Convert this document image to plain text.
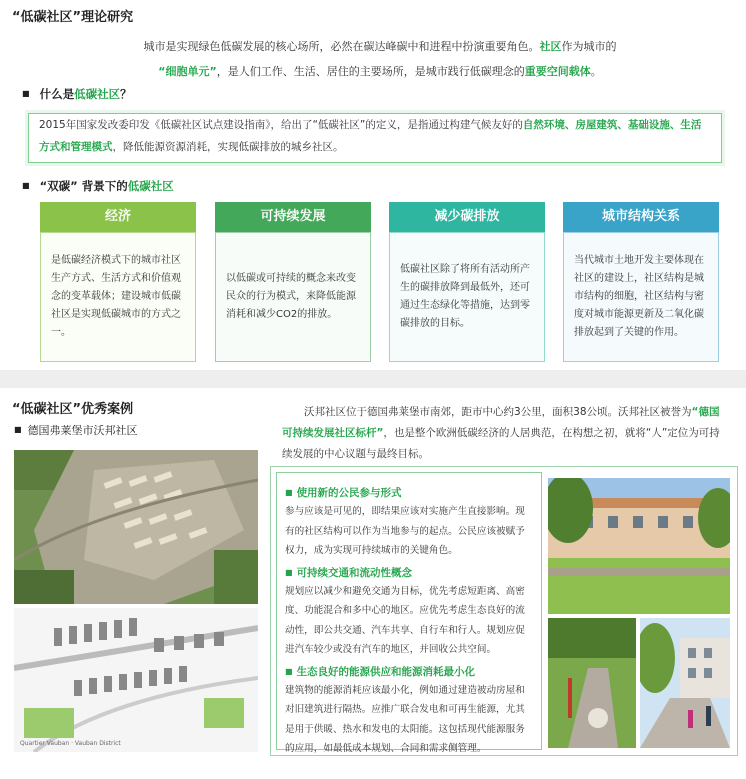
“低碳社区”理论研究
城市是实现绿色低碳发展的核心场所，必然在碳达峰碳中和进程中扮演重要角色。社区作为城市的
“细胞单元”，是人们工作、生活、居住的主要场所，是城市践行低碳理念的重要空间载体。
■ 什么是低碳社区？
2015年国家发改委印发《低碳社区试点建设指南》，给出了“低碳社区”的定义，是指通过构建气候友好的自然环境、房屋建筑、基础设施、生活方式和管理模式，降低能源资源消耗，实现低碳排放的城乡社区。
■ “双碳” 背景下的低碳社区
经济
是低碳经济模式下的城市社区生产方式、生活方式和价值观念的变革载体；建设城市低碳社区是实现低碳城市的方式之一。
可持续发展
以低碳或可持续的概念来改变民众的行为模式，来降低能源消耗和减少CO2的排放。
减少碳排放
低碳社区除了将所有活动所产生的碳排放降到最低外，还可通过生态绿化等措施，达到零碳排放的目标。
城市结构关系
当代城市土地开发主要体现在社区的建设上，社区结构是城市结构的细胞，社区结构与密度对城市能源更新及二氧化碳排放起到了关键的作用。
“低碳社区”优秀案例
■ 德国弗莱堡市沃邦社区
沃邦社区位于德国弗莱堡市南郊，距市中心约3公里，面积38公顷。沃邦社区被誉为“德国可持续发展社区标杆”，也是整个欧洲低碳经济的人居典范，在构想之初，就将“人”定位为可持续发展的中心议题与最终目标。
Quartier Vauban · Vauban District
■ 使用新的公民参与形式
参与应该是可见的，即结果应该对实施产生直接影响。现有的社区结构可以作为当地参与的起点。公民应该被赋予权力，成为实现可持续城市的关键角色。
■ 可持续交通和流动性概念
规划应以减少和避免交通为目标，优先考虑短距离、高密度、功能混合和多中心的地区。应优先考虑生态良好的流动性，即公共交通、汽车共享、自行车和行人。规划应促进汽车较少或没有汽车的地区，并回收公共空间。
■ 生态良好的能源供应和能源消耗最小化
建筑物的能源消耗应该最小化，例如通过建造被动房屋和对旧建筑进行隔热。应推广联合发电和可再生能源，尤其是用于供暖、热水和发电的太阳能。这包括现代能源服务的应用，如最低成本规划、合同和需求侧管理。
